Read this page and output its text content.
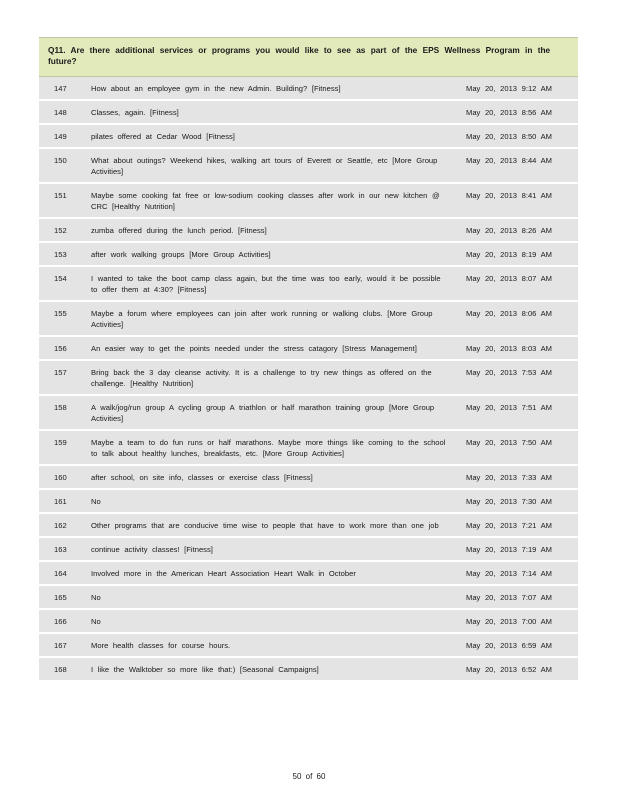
Q11. Are there additional services or programs you would like to see as part of the EPS Wellness Program in the future?
147	How about an employee gym in the new Admin. Building? [Fitness]	May 20, 2013 9:12 AM
148	Classes, again. [Fitness]	May 20, 2013 8:56 AM
149	pilates offered at Cedar Wood [Fitness]	May 20, 2013 8:50 AM
150	What about outings? Weekend hikes, walking art tours of Everett or Seattle, etc [More Group Activities]	May 20, 2013 8:44 AM
151	Maybe some cooking fat free or low-sodium cooking classes after work in our new kitchen @ CRC [Healthy Nutrition]	May 20, 2013 8:41 AM
152	zumba offered during the lunch period. [Fitness]	May 20, 2013 8:26 AM
153	after work walking groups [More Group Activities]	May 20, 2013 8:19 AM
154	I wanted to take the boot camp class again, but the time was too early, would it be possible to offer them at 4:30? [Fitness]	May 20, 2013 8:07 AM
155	Maybe a forum where employees can join after work running or walking clubs. [More Group Activities]	May 20, 2013 8:06 AM
156	An easier way to get the points needed under the stress catagory [Stress Management]	May 20, 2013 8:03 AM
157	Bring back the 3 day cleanse activity. It is a challenge to try new things as offered on the challenge. [Healthy Nutrition]	May 20, 2013 7:53 AM
158	A walk/jog/run group A cycling group A triathlon or half marathon training group [More Group Activities]	May 20, 2013 7:51 AM
159	Maybe a team to do fun runs or half marathons. Maybe more things like coming to the school to talk about healthy lunches, breakfasts, etc. [More Group Activities]	May 20, 2013 7:50 AM
160	after school, on site info, classes or exercise class [Fitness]	May 20, 2013 7:33 AM
161	No	May 20, 2013 7:30 AM
162	Other programs that are conducive time wise to people that have to work more than one job	May 20, 2013 7:21 AM
163	continue activity classes! [Fitness]	May 20, 2013 7:19 AM
164	Involved more in the American Heart Association Heart Walk in October	May 20, 2013 7:14 AM
165	No	May 20, 2013 7:07 AM
166	No	May 20, 2013 7:00 AM
167	More health classes for course hours.	May 20, 2013 6:59 AM
168	I like the Walktober so more like that:) [Seasonal Campaigns]	May 20, 2013 6:52 AM
50 of 60
